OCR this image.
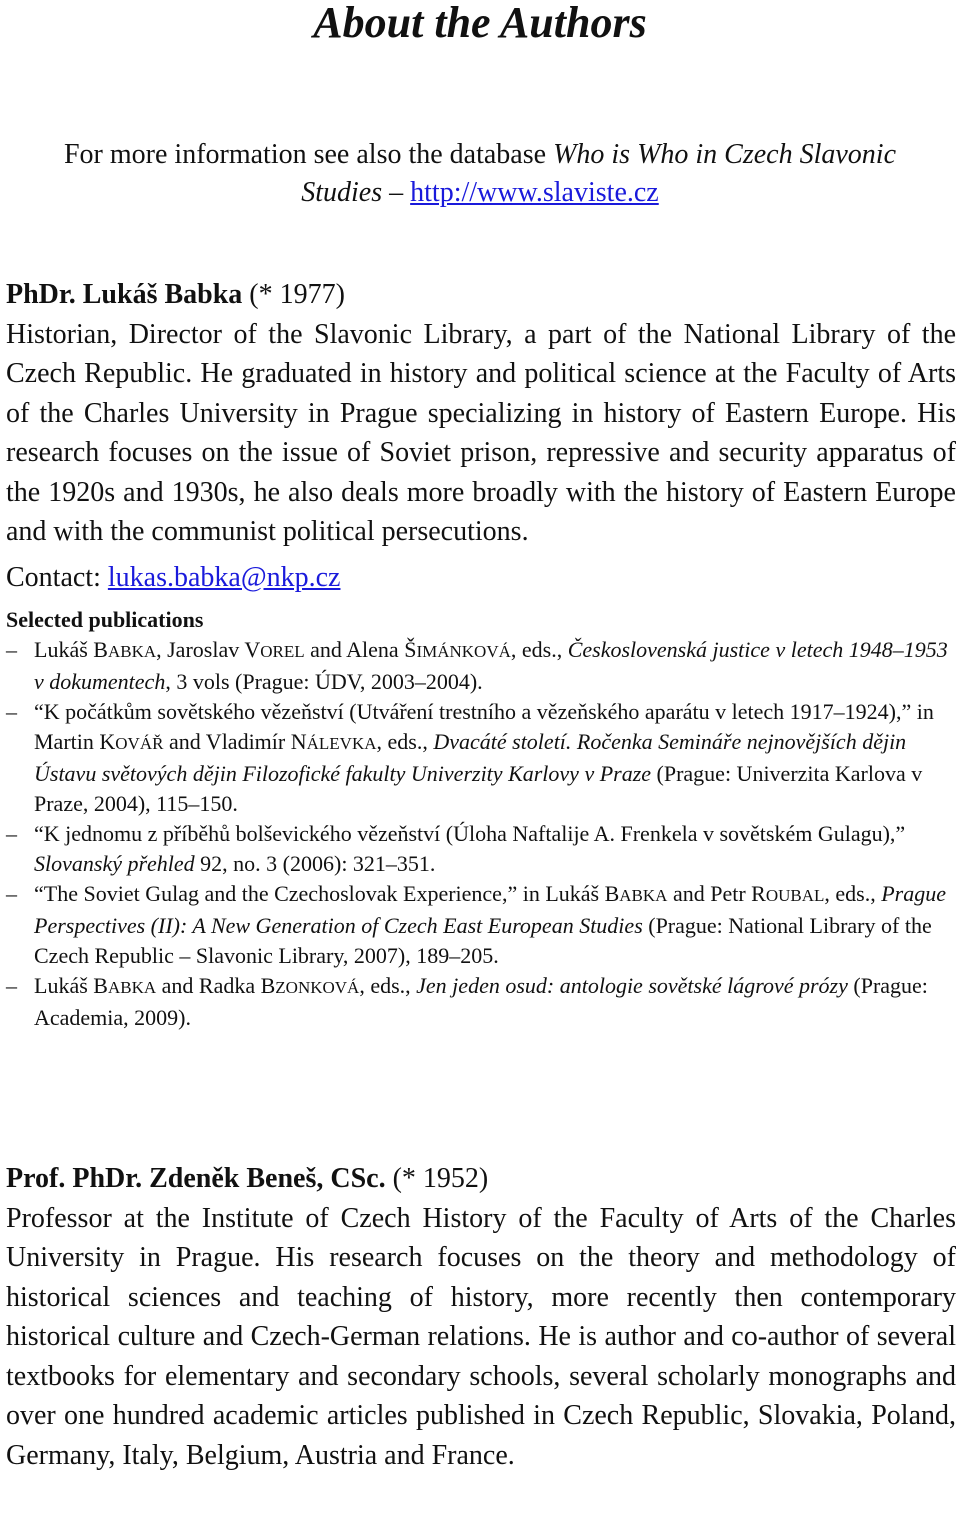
About the Authors
For more information see also the database Who is Who in Czech Slavonic Studies – http://www.slaviste.cz

PhDr. Lukáš Babka (* 1977)

Historian, Director of the Slavonic Library, a part of the National Library of the Czech Republic. He graduated in history and political science at the Faculty of Arts of the Charles University in Prague specializing in history of Eastern Europe. His research focuses on the issue of Soviet prison, repressive and security apparatus of the 1920s and 1930s, he also deals more broadly with the history of Eastern Europe and with the communist political persecutions.

Contact: lukas.babka@nkp.cz
Selected publications
– Lukáš BABKA, Jaroslav VOREL and Alena ŠIMÁNKOVÁ, eds., Československá justice v letech 1948–1953 v dokumentech, 3 vols (Prague: ÚDV, 2003–2004).
– “K počátkům sovětského vězeňství (Utváření trestního a vězeňského aparátu v letech 1917–1924),” in Martin KOVÁŘ and Vladimír NÁLEVKA, eds., Dvacáté století. Ročenka Semináře nejnovějších dějin Ústavu světových dějin Filozofické fakulty Univerzity Karlovy v Praze (Prague: Univerzita Karlova v Praze, 2004), 115–150.
– “K jednomu z příběhů bolševického vězeňství (Úloha Naftalije A. Frenkela v sovětském Gulagu),” Slovanský přehled 92, no. 3 (2006): 321–351.
– “The Soviet Gulag and the Czechoslovak Experience,” in Lukáš BABKA and Petr ROUBAL, eds., Prague Perspectives (II): A New Generation of Czech East European Studies (Prague: National Library of the Czech Republic – Slavonic Library, 2007), 189–205.
– Lukáš BABKA and Radka BZONKOVÁ, eds., Jen jeden osud: antologie sovětské lágrové prózy (Prague: Academia, 2009).

Prof. PhDr. Zdeněk Beneš, CSc. (* 1952)

Professor at the Institute of Czech History of the Faculty of Arts of the Charles University in Prague. His research focuses on the theory and methodology of historical sciences and teaching of history, more recently then contemporary historical culture and Czech-German relations. He is author and co-author of several textbooks for elementary and secondary schools, several scholarly monographs and over one hundred academic articles published in Czech Republic, Slovakia, Poland, Germany, Italy, Belgium, Austria and France.
